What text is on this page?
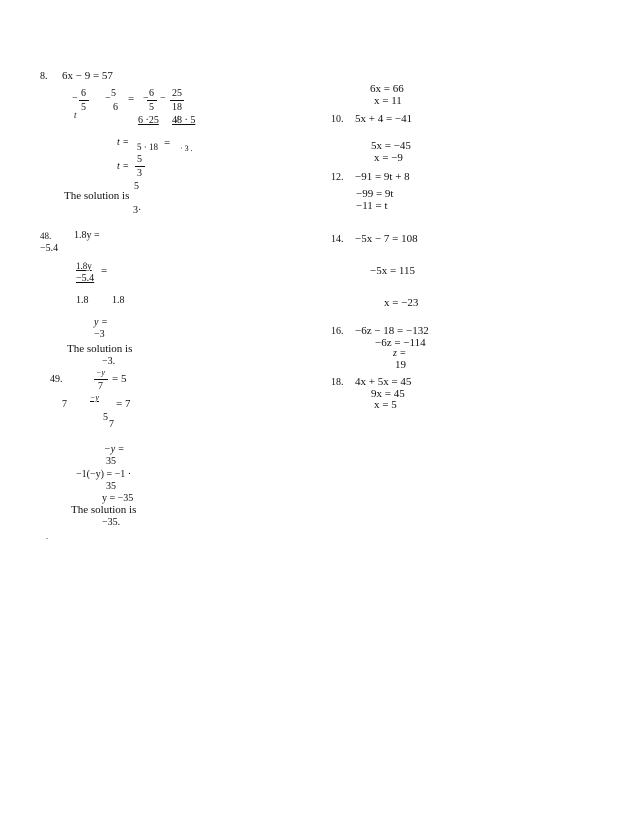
8. 6x − 9 = 57
− 6
5
− 5
6
= − 6
5
− 25
18
t	6 ·25 4̸8 · 5
t = 5 · 18 = · 3 .
t =
5
3
5
The solution is
3·
48. 1.8y =
−5.4
1.8y =
−5.4
1.8 1.8
y =
−3
The solution is
−3.
49.
−y
7
= 5
7
−y
= 7
5
7
−y =
35
−1(−y) = −1 ·
35
y = −35
The solution is
−35.
.
6x = 66
x = 11
10. 5x + 4 = −41
5x = −45
x = −9
12. −91 = 9t + 8
−99 = 9t
−11 = t
14. −5x − 7 = 108
−5x = 115
x = −23
16. −6z − 18 = −132
−6z = −114
z =
19
18. 4x + 5x = 45
9x = 45
x = 5
